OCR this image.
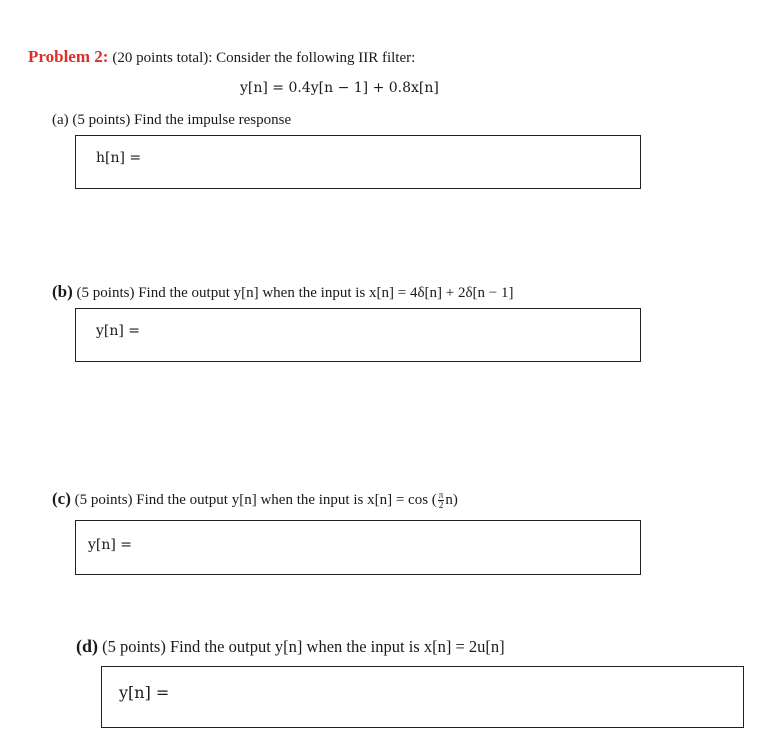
Problem 2: (20 points total): Consider the following IIR filter:
y[n] = 0.4y[n − 1] + 0.8x[n]
(a) (5 points) Find the impulse response
h[n] =
(b) (5 points) Find the output y[n] when the input is x[n] = 4δ[n] + 2δ[n − 1]
y[n] =
(c) (5 points) Find the output y[n] when the input is x[n] = cos ( $\frac{\pi}{2} n$)
y[n] =
(d) (5 points) Find the output y[n] when the input is x[n] = 2u[n]
y[n] =
